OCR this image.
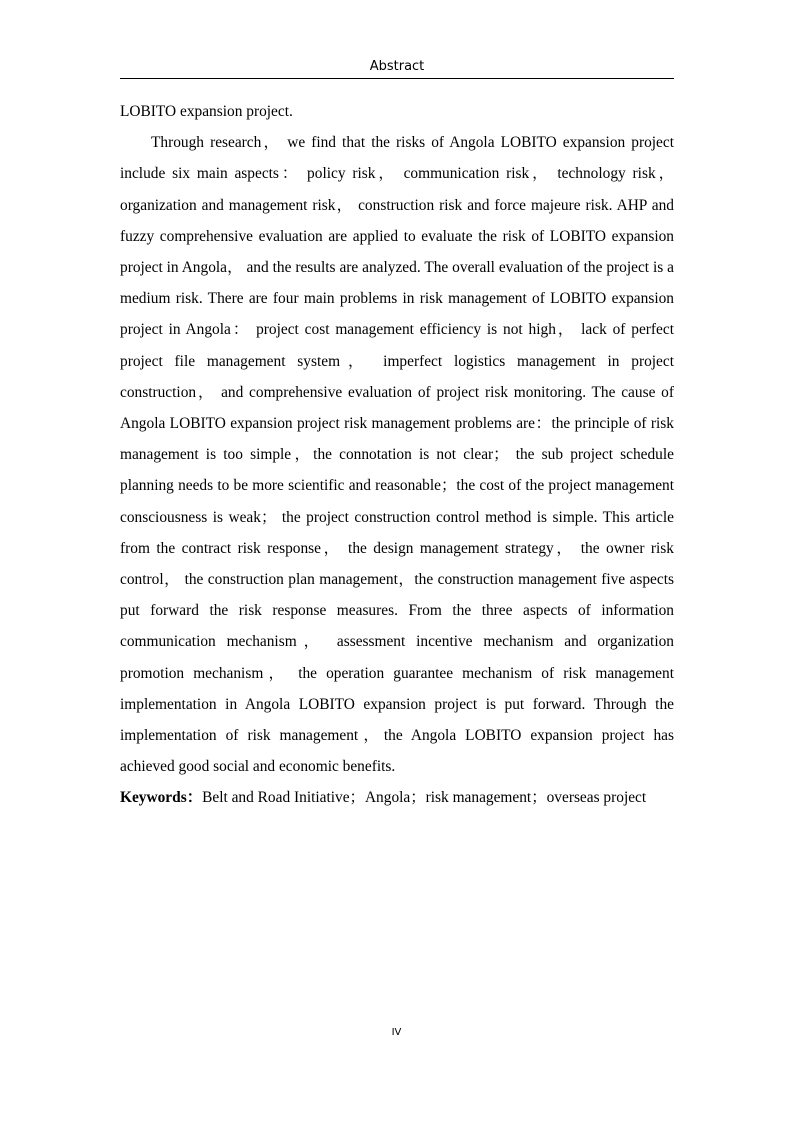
Abstract

LOBITO expansion project.

Through research， we find that the risks of Angola LOBITO expansion project include six main aspects： policy risk， communication risk， technology risk， organization and management risk， construction risk and force majeure risk. AHP and fuzzy comprehensive evaluation are applied to evaluate the risk of LOBITO expansion project in Angola， and the results are analyzed. The overall evaluation of the project is a medium risk. There are four main problems in risk management of LOBITO expansion project in Angola： project cost management efficiency is not high， lack of perfect project file management system， imperfect logistics management in project construction， and comprehensive evaluation of project risk monitoring. The cause of Angola LOBITO expansion project risk management problems are：the principle of risk management is too simple，the connotation is not clear； the sub project schedule planning needs to be more scientific and reasonable；the cost of the project management consciousness is weak； the project construction control method is simple. This article from the contract risk response， the design management strategy， the owner risk control， the construction plan management，the construction management five aspects put forward the risk response measures. From the three aspects of information communication mechanism， assessment incentive mechanism and organization promotion mechanism， the operation guarantee mechanism of risk management implementation in Angola LOBITO expansion project is put forward. Through the implementation of risk management，the Angola LOBITO expansion project has achieved good social and economic benefits.

Keywords：Belt and Road Initiative；Angola；risk management；overseas project

IV
